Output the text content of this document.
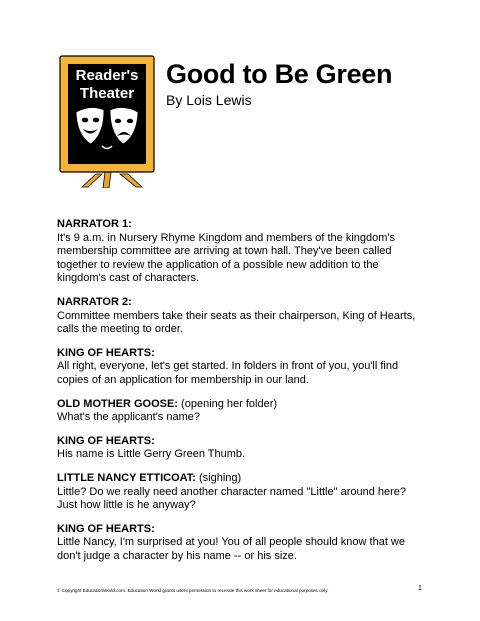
Reader's
Theater
Good to Be Green
By Lois Lewis
NARRATOR 1:
It's 9 a.m. in Nursery Rhyme Kingdom and members of the kingdom's
membership committee are arriving at town hall. They've been called
together to review the application of a possible new addition to the
kingdom's cast of characters.
NARRATOR 2:
Committee members take their seats as their chairperson, King of Hearts,
calls the meeting to order.
KING OF HEARTS:
All right, everyone, let's get started. In folders in front of you, you'll find
copies of an application for membership in our land.
OLD MOTHER GOOSE: (opening her folder)
What's the applicant's name?
KING OF HEARTS:
His name is Little Gerry Green Thumb.
LITTLE NANCY ETTICOAT: (sighing)
Little? Do we really need another character named "Little" around here?
Just how little is he anyway?
KING OF HEARTS:
Little Nancy, I'm surprised at you! You of all people should know that we
don't judge a character by his name -- or his size.
© Copyright EducationWorld.com. Education World grants users permission to recreate this work sheet for educational purposes only.	1
